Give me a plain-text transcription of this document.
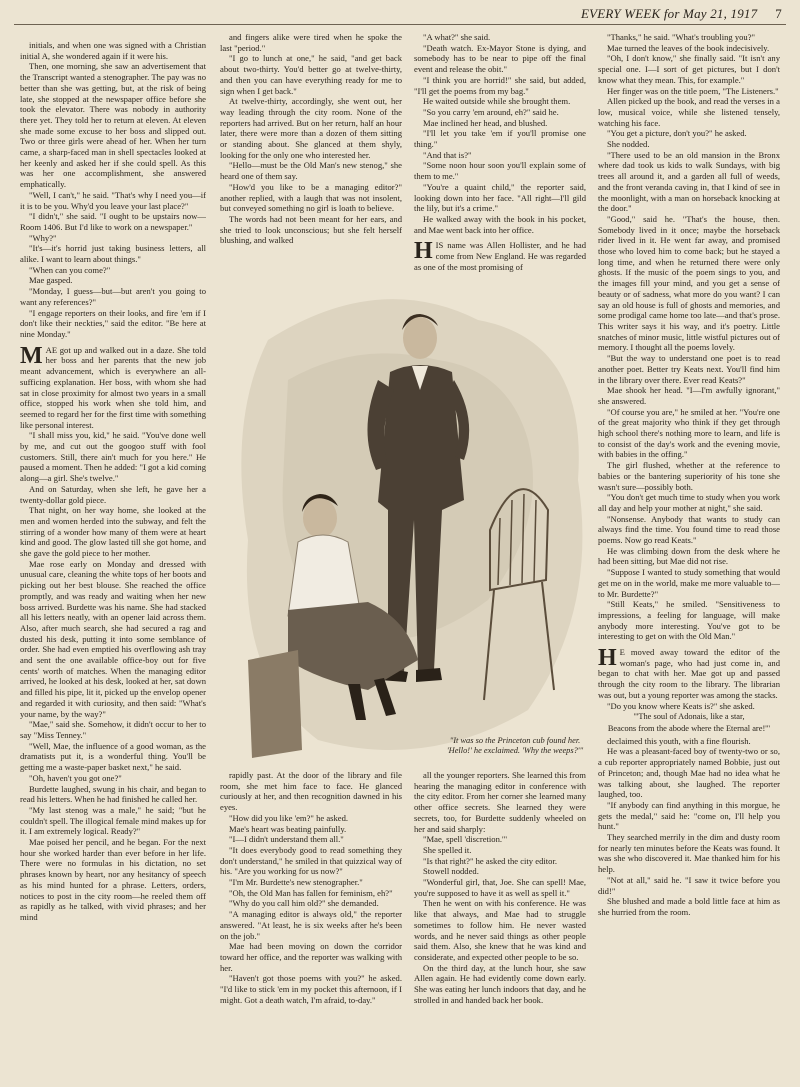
EVERY WEEK for May 21, 1917 7

initials, and when one was signed with a Christian initial A, she wondered again if it were his.

Then, one morning, she saw an advertisement that the Transcript wanted a stenographer. The pay was no better than she was getting, but, at the risk of being late, she stopped at the newspaper office before she took the elevator. There was nobody in authority there yet. They told her to return at eleven. At eleven she made some excuse to her boss and slipped out. Two or three girls were ahead of her. When her turn came, a sharp-faced man in shell spectacles looked at her keenly and asked her if she could spell. As this was her one accomplishment, she answered emphatically.

"Well, I can't," he said. "That's why I need you—if it is to be you. Why'd you leave your last place?"

"I didn't," she said. "I ought to be upstairs now—Room 1406. But I'd like to work on a newspaper."

"Why?"

"It's—it's horrid just taking business letters, all alike. I want to learn about things."

"When can you come?"

Mae gasped.

"Monday, I guess—but—but aren't you going to want any references?"

"I engage reporters on their looks, and fire 'em if I don't like their neckties," said the editor. "Be here at nine Monday."

MAE got up and walked out in a daze. She told her boss and her parents that the new job meant advancement, which is everywhere an all-sufficing explanation. Her boss, with whom she had sat in close proximity for almost two years in a small office, stopped his work when she told him, and seemed to regard her for the first time with something like personal interest.

"I shall miss you, kid," he said. "You've done well by me, and cut out the googoo stuff with fool customers. Still, there ain't much for you here." He paused a moment. Then he added: "I got a kid coming along—a girl. She's twelve."

And on Saturday, when she left, he gave her a twenty-dollar gold piece.

That night, on her way home, she looked at the men and women herded into the subway, and felt the stirring of a wonder how many of them were at heart kind and good. The glow lasted till she got home, and she gave the gold piece to her mother.

Mae rose early on Monday and dressed with unusual care, cleaning the white tops of her boots and picking out her best blouse. She reached the office promptly, and was ready and waiting when her new boss arrived. Burdette was his name. She had stacked all his letters neatly, with an opener laid across them. Also, after much search, she had secured a rag and dusted his desk, putting it into some semblance of order. She had even emptied his overflowing ash tray and sent the one available office-boy out for five cents' worth of matches. When the managing editor arrived, he looked at his desk, looked at her, sat down and filled his pipe, lit it, picked up the envelop opener and regarded it with curiosity, and then said: "What's your name, by the way?"

"Mae," said she. Somehow, it didn't occur to her to say "Miss Tenney."

"Well, Mae, the influence of a good woman, as the dramatists put it, is a wonderful thing. You'll be getting me a waste-paper basket next," he said.

"Oh, haven't you got one?"

Burdette laughed, swung in his chair, and began to read his letters. When he had finished he called her.

"My last stenog was a male," he said; "but he couldn't spell. The illogical female mind makes up for it. I am extremely logical. Ready?"

Mae poised her pencil, and he began. For the next hour she worked harder than ever before in her life. There were no formulas in his dictation, no set phrases known by heart, nor any hesitancy of speech as his mind hunted for a phrase. Letters, orders, notices to post in the city room—he reeled them off as rapidly as he talked, with vivid phrases; and her mind

and fingers alike were tired when he spoke the last "period."

"I go to lunch at one," he said, "and get back about two-thirty. You'd better go at twelve-thirty, and then you can have everything ready for me to sign when I get back."

At twelve-thirty, accordingly, she went out, her way leading through the city room. None of the reporters had arrived. But on her return, half an hour later, there were more than a dozen of them sitting or standing about. She glanced at them shyly, looking for the only one who interested her.

"Hello—must be the Old Man's new stenog," she heard one of them say.

"How'd you like to be a managing editor?" another replied, with a laugh that was not insolent, but conveyed something no girl is loath to believe.

The words had not been meant for her ears, and she tried to look unconscious; but she felt herself blushing, and walked

"A what?" she said.

"Death watch. Ex-Mayor Stone is dying, and somebody has to be near to pipe off the final event and release the obit."

"I think you are horrid!" she said, but added, "I'll get the poems from my bag."

He waited outside while she brought them.

"So you carry 'em around, eh?" said he.

Mae inclined her head, and blushed.

"I'll let you take 'em if you'll promise one thing."

"And that is?"

"Some noon hour soon you'll explain some of them to me."

"You're a quaint child," the reporter said, looking down into her face. "All right—I'll gild the lily, but it's a crime."

He walked away with the book in his pocket, and Mae went back into her office.

HIS name was Allen Hollister, and he had come from New England. He was regarded as one of the most promising of

"It was so the Princeton cub found her. 'Hello!' he exclaimed. 'Why the weeps?'"

rapidly past. At the door of the library and file room, she met him face to face. He glanced curiously at her, and then recognition dawned in his eyes.

"How did you like 'em?" he asked.

Mae's heart was beating painfully.

"I—I didn't understand them all."

"It does everybody good to read something they don't understand," he smiled in that quizzical way of his. "Are you working for us now?"

"I'm Mr. Burdette's new stenographer."

"Oh, the Old Man has fallen for feminism, eh?"

"Why do you call him old?" she demanded.

"A managing editor is always old," the reporter answered. "At least, he is six weeks after he's been on the job."

Mae had been moving on down the corridor toward her office, and the reporter was walking with her.

"Haven't got those poems with you?" he asked. "I'd like to stick 'em in my pocket this afternoon, if I might. Got a death watch, I'm afraid, to-day."

all the younger reporters. She learned this from hearing the managing editor in conference with the city editor. From her corner she learned many other office secrets. She learned they were secrets, too, for Burdette suddenly wheeled on her and said sharply:

"Mae, spell 'discretion.'"

She spelled it.

"Is that right?" he asked the city editor.

Stowell nodded.

"Wonderful girl, that, Joe. She can spell! Mae, you're supposed to have it as well as spell it."

Then he went on with his conference. He was like that always, and Mae had to struggle sometimes to follow him. He never wasted words, and he never said things as other people said them. Also, she knew that he was kind and considerate, and expected other people to be so.

On the third day, at the lunch hour, she saw Allen again. He had evidently come down early. She was eating her lunch indoors that day, and he strolled in and handed back her book.

"Thanks," he said. "What's troubling you?"

Mae turned the leaves of the book indecisively.

"Oh, I don't know," she finally said. "It isn't any special one. I—I sort of get pictures, but I don't know what they mean. This, for example."

Her finger was on the title poem, "The Listeners."

Allen picked up the book, and read the verses in a low, musical voice, while she listened tensely, watching his face.

"You get a picture, don't you?" he asked.

She nodded.

"There used to be an old mansion in the Bronx where dad took us kids to walk Sundays, with big trees all around it, and a garden all full of weeds, and the front veranda caving in, that I kind of see in the moonlight, with a man on horseback knocking at the door."

"Good," said he. "That's the house, then. Somebody lived in it once; maybe the horseback rider lived in it. He went far away, and promised those who loved him to come back; but he stayed a long time, and when he returned there were only ghosts. If the music of the poem sings to you, and the images fill your mind, and you get a sense of beauty or of sadness, what more do you want? I can say an old house is full of ghosts and memories, and some prodigal came home too late—and that's prose. This writer says it his way, and it's poetry. Little snatches of minor music, little wistful pictures out of memory. I thought all the poems lovely.

"But the way to understand one poet is to read another poet. Better try Keats next. You'll find him in the library over there. Ever read Keats?"

Mae shook her head. "I—I'm awfully ignorant," she answered.

"Of course you are," he smiled at her. "You're one of the great majority who think if they get through high school there's nothing more to learn, and life is to consist of the day's work and the evening movie, with babies in the offing."

The girl flushed, whether at the reference to babies or the bantering superiority of his tone she wasn't sure—possibly both.

"You don't get much time to study when you work all day and help your mother at night," she said.

"Nonsense. Anybody that wants to study can always find the time. You found time to read those poems. Now go read Keats."

He was climbing down from the desk where he had been sitting, but Mae did not rise.

"Suppose I wanted to study something that would get me on in the world, make me more valuable to—to Mr. Burdette?"

"Still Keats," he smiled. "Sensitiveness to impressions, a feeling for language, will make anybody more interesting. You've got to be interesting to get on with the Old Man."

H E moved away toward the editor of the woman's page, who had just come in, and began to chat with her. Mae got up and passed through the city room to the library. The librarian was out, but a young reporter was among the stacks.

"Do you know where Keats is?" she asked.

"'The soul of Adonais, like a star,
Beacons from the abode where the Eternal are!'"

declaimed this youth, with a fine flourish.

He was a pleasant-faced boy of twenty-two or so, a cub reporter appropriately named Bobbie, just out of Princeton; and, though Mae had no idea what he was talking about, she laughed. The reporter laughed, too.

"If anybody can find anything in this morgue, he gets the medal," said he: "come on, I'll help you hunt."

They searched merrily in the dim and dusty room for nearly ten minutes before the Keats was found. It was she who discovered it. Mae thanked him for his help.

"Not at all," said he. "I saw it twice before you did!"

She blushed and made a bold little face at him as she hurried from the room.
